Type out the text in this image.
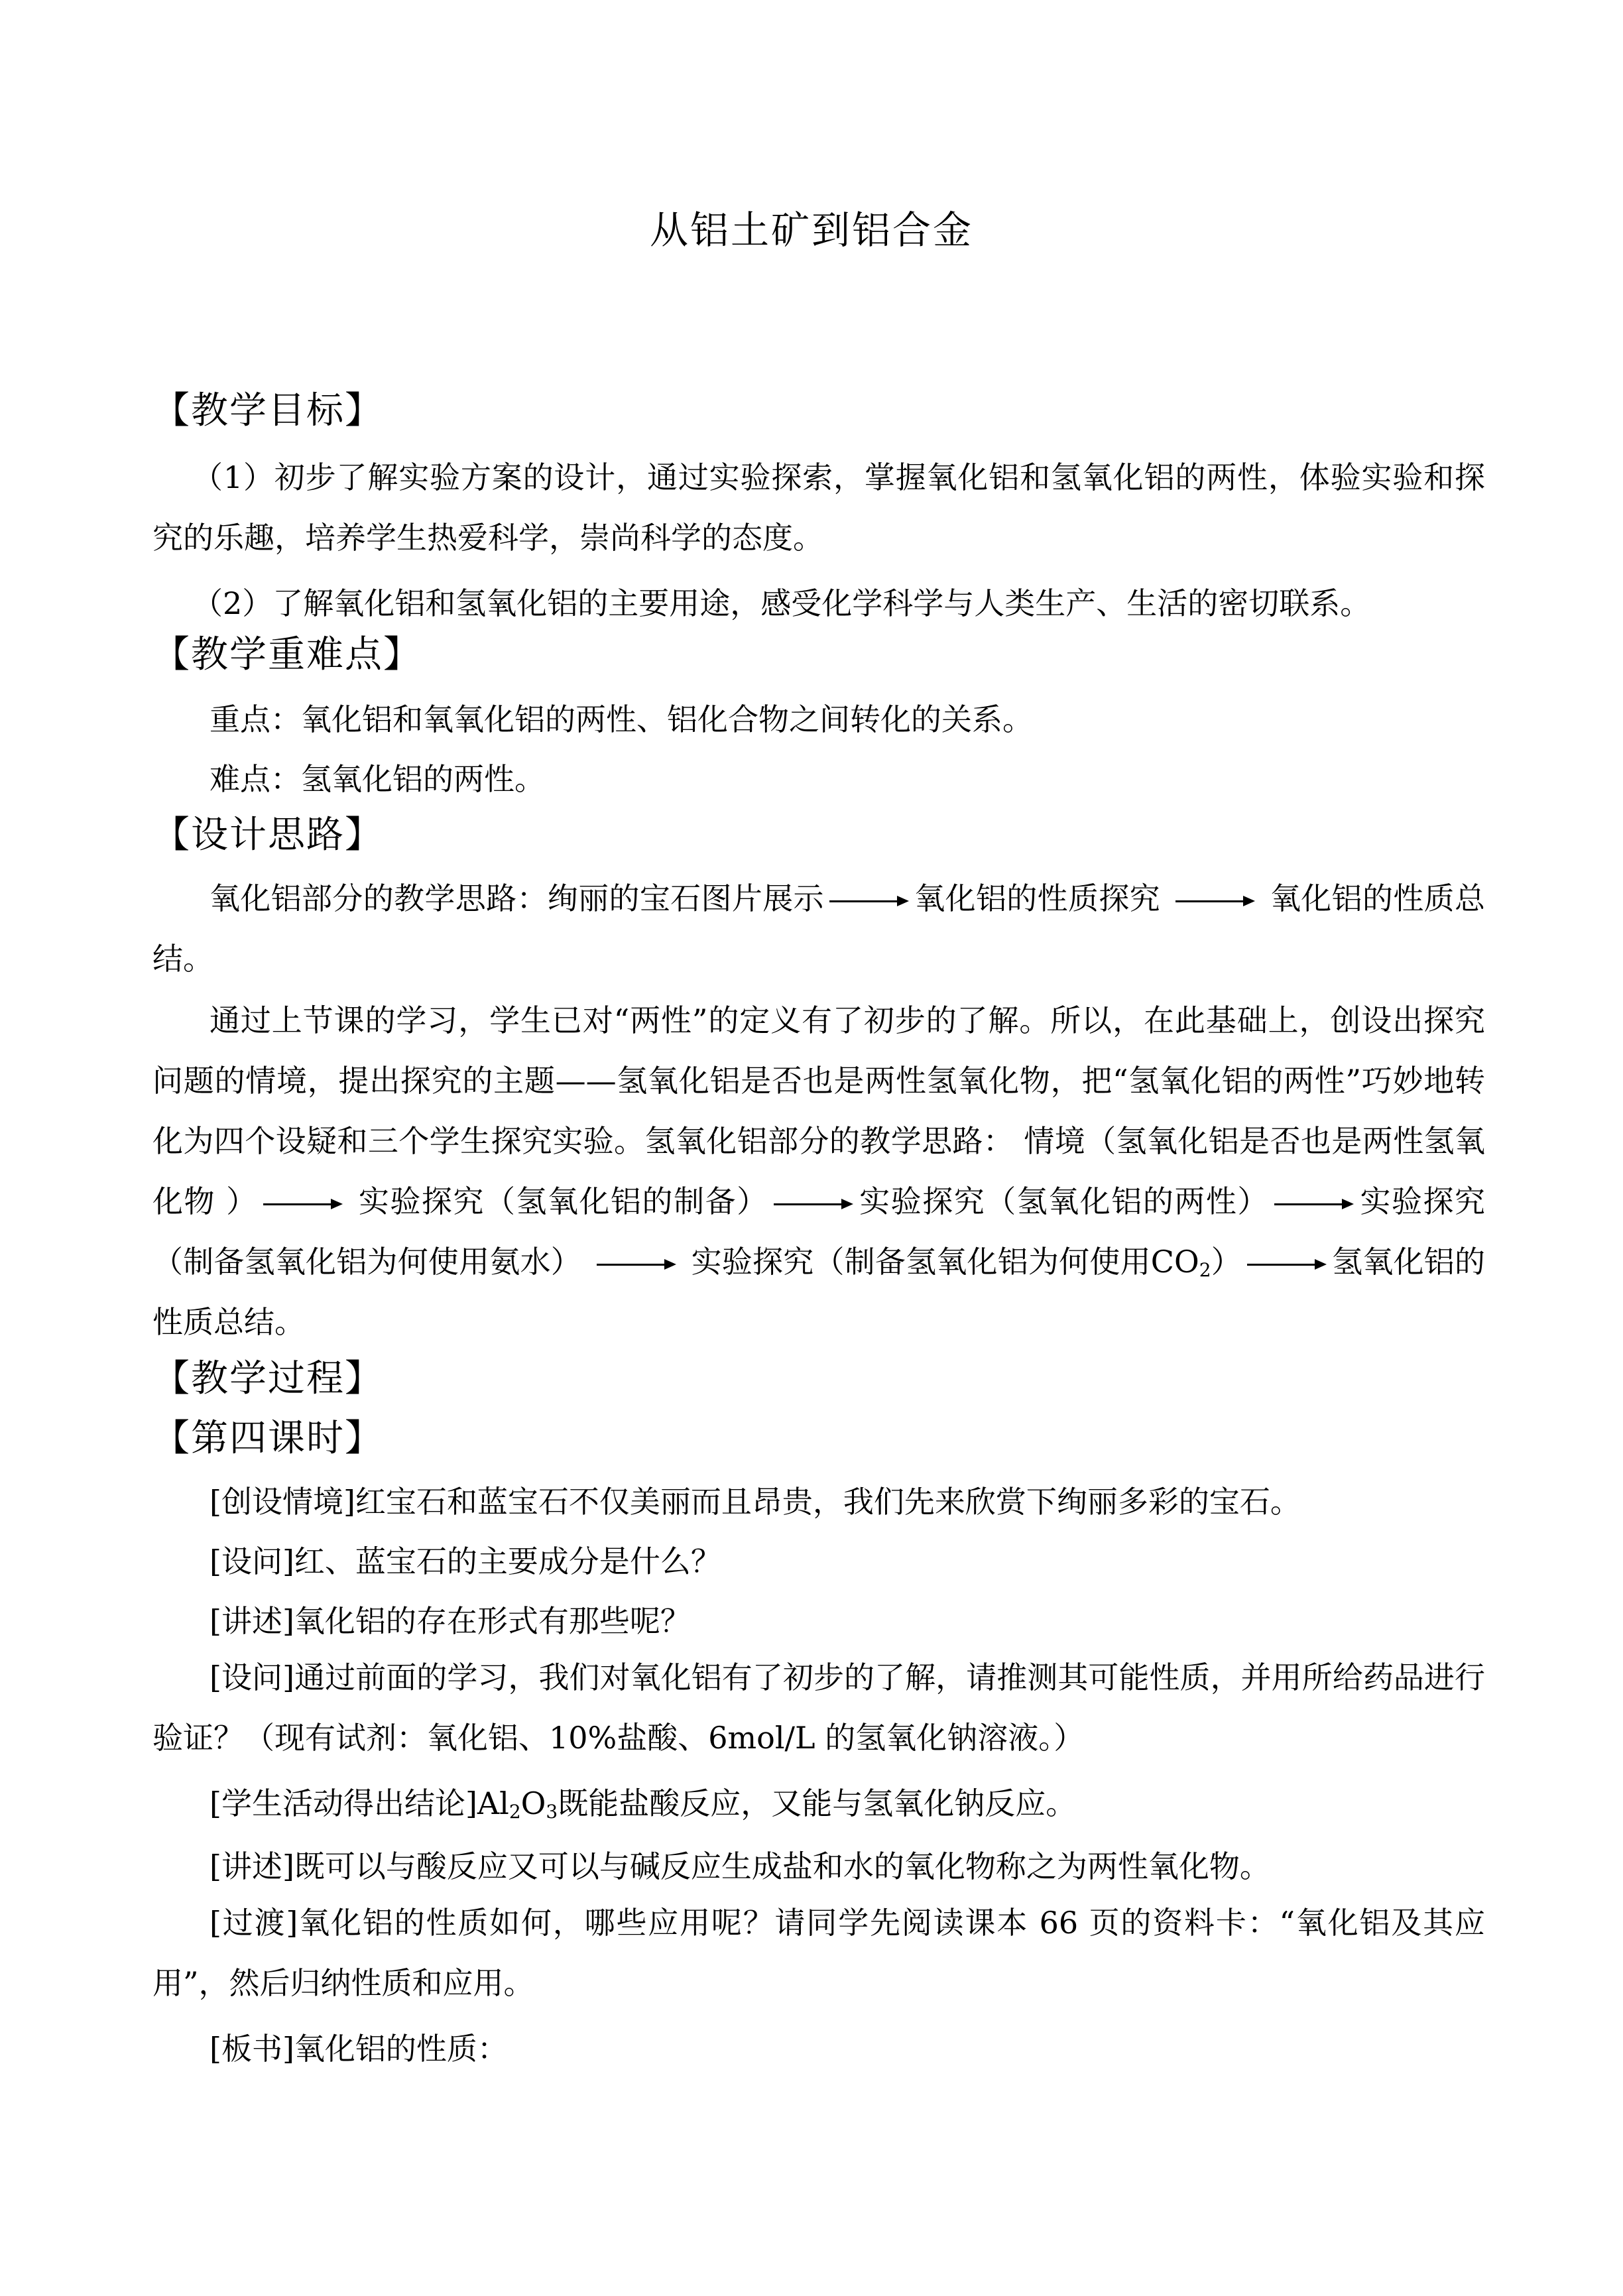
从铝土矿到铝合金
【教学目标】
（1）初步了解实验方案的设计，通过实验探索，掌握氧化铝和氢氧化铝的两性，体验实验和探究的乐趣，培养学生热爱科学，崇尚科学的态度。
（2）了解氧化铝和氢氧化铝的主要用途，感受化学科学与人类生产、生活的密切联系。
【教学重难点】
重点：氧化铝和氧氧化铝的两性、铝化合物之间转化的关系。
难点：氢氧化铝的两性。
【设计思路】
氧化铝部分的教学思路：绚丽的宝石图片展示	氧化铝的性质探究	氧化铝的性质总结。
通过上节课的学习，学生已对“两性”的定义有了初步的了解。所以，在此基础上，创设出探究问题的情境，提出探究的主题——氢氧化铝是否也是两性氢氧化物，把“氢氧化铝的两性”巧妙地转化为四个设疑和三个学生探究实验。氢氧化铝部分的教学思路： 情境（氢氧化铝是否也是两性氢氧化物 ）	实验探究（氢氧化铝的制备）	实验探究（氢氧化铝的两性）	实验探究（制备氢氧化铝为何使用氨水）	实验探究（制备氢氧化铝为何使用$CO_2$）	氢氧化铝的性质总结。
【教学过程】
【第四课时】
[创设情境]红宝石和蓝宝石不仅美丽而且昂贵，我们先来欣赏下绚丽多彩的宝石。
[设问]红、蓝宝石的主要成分是什么？
[讲述]氧化铝的存在形式有那些呢？
[设问]通过前面的学习，我们对氧化铝有了初步的了解，请推测其可能性质，并用所给药品进行验证？（现有试剂：氧化铝、10%盐酸、6mol/L 的氢氧化钠溶液。）
[学生活动得出结论]$Al_2O_3$既能盐酸反应，又能与氢氧化钠反应。
[讲述]既可以与酸反应又可以与碱反应生成盐和水的氧化物称之为两性氧化物。
[过渡]氧化铝的性质如何，哪些应用呢？请同学先阅读课本 66 页的资料卡：“氧化铝及其应用”，然后归纳性质和应用。
[板书]氧化铝的性质：
